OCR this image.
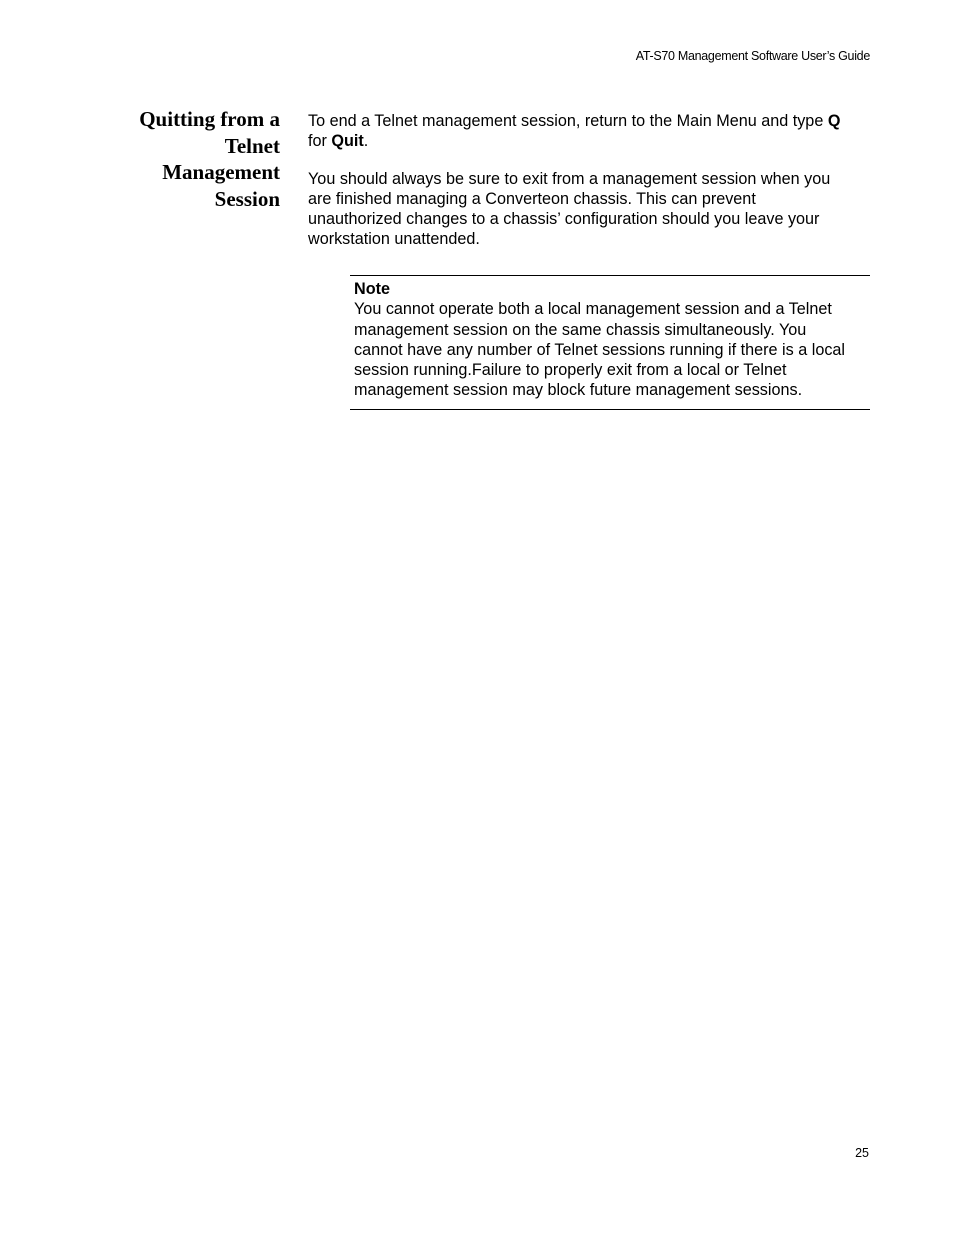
AT-S70 Management Software User’s Guide
Quitting from a
Telnet
Management
Session

To end a Telnet management session, return to the Main Menu and type Q
for Quit.

You should always be sure to exit from a management session when you
are finished managing a Converteon chassis. This can prevent
unauthorized changes to a chassis’ configuration should you leave your
workstation unattended.

Note
You cannot operate both a local management session and a Telnet
management session on the same chassis simultaneously. You
cannot have any number of Telnet sessions running if there is a local
session running.Failure to properly exit from a local or Telnet
management session may block future management sessions.
25
